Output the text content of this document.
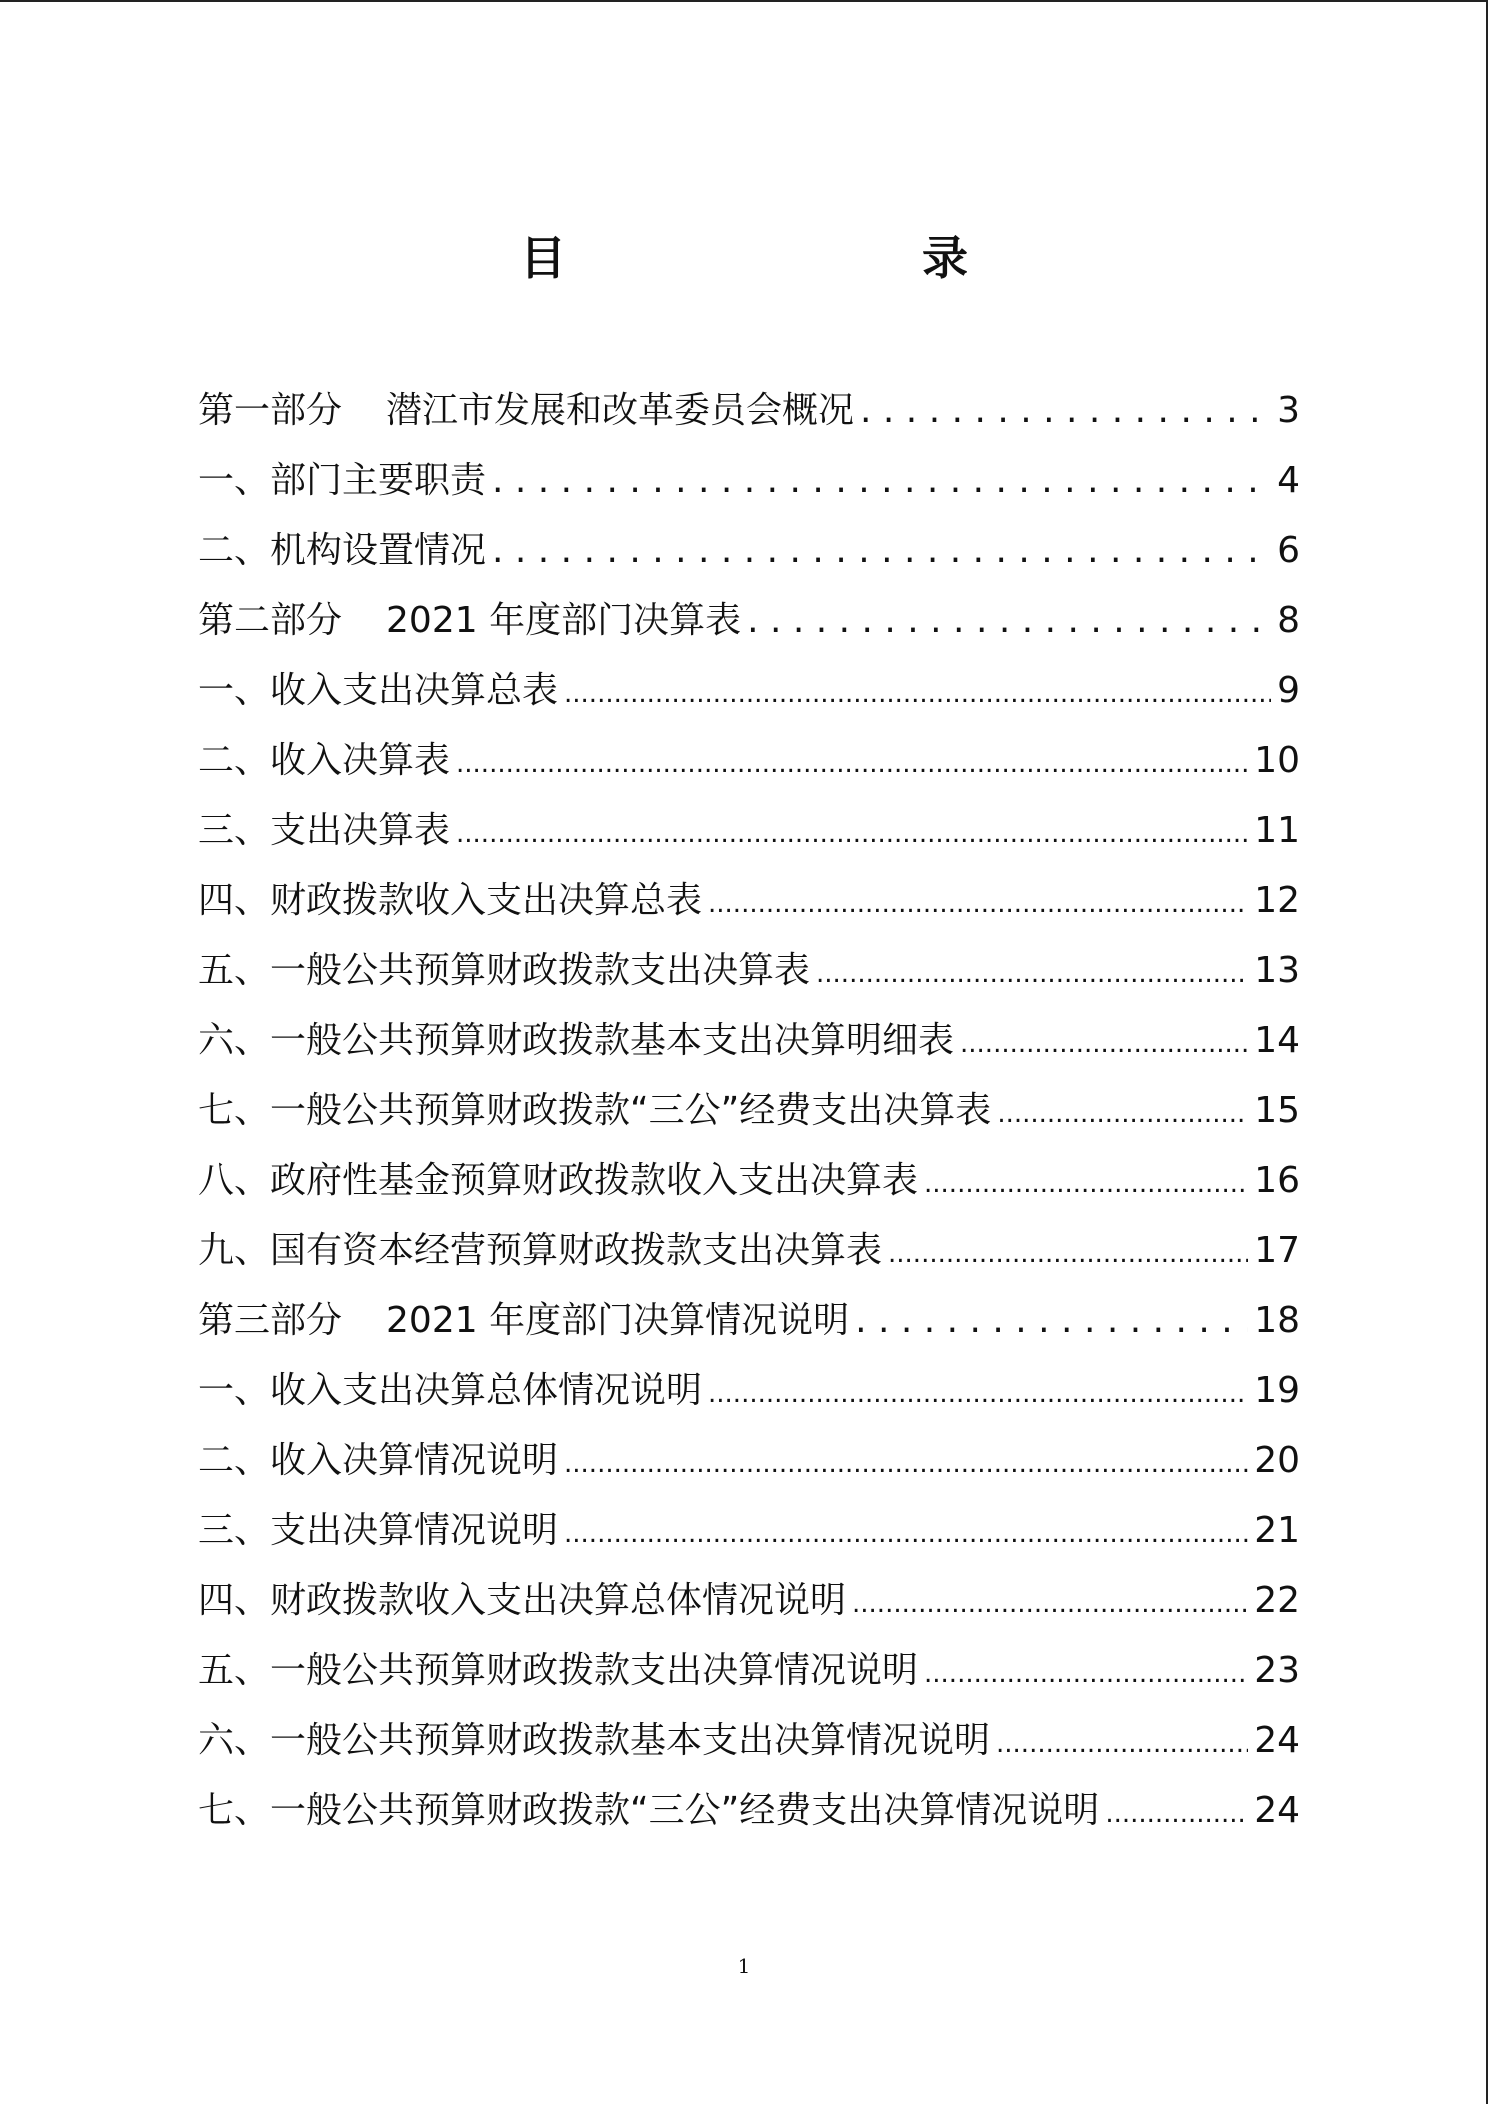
目　　录
第一部分 潜江市发展和改革委员会概况 . . .	3
一、部门主要职责 . . .	4
二、机构设置情况 . . .	6
第二部分 2021 年度部门决算表 . . .	8
一、收入支出决算总表 .....	9
二、收入决算表 .....	10
三、支出决算表 .....	11
四、财政拨款收入支出决算总表 .....	12
五、一般公共预算财政拨款支出决算表 .....	13
六、一般公共预算财政拨款基本支出决算明细表 .....	14
七、一般公共预算财政拨款“三公”经费支出决算表 .....	15
八、政府性基金预算财政拨款收入支出决算表 .....	16
九、国有资本经营预算财政拨款支出决算表 .....	17
第三部分 2021 年度部门决算情况说明 . . .	18
一、收入支出决算总体情况说明 .....	19
二、收入决算情况说明 .....	20
三、支出决算情况说明 .....	21
四、财政拨款收入支出决算总体情况说明 .....	22
五、一般公共预算财政拨款支出决算情况说明 .....	23
六、一般公共预算财政拨款基本支出决算情况说明 .....	24
七、一般公共预算财政拨款“三公”经费支出决算情况说明 .....	24
1
